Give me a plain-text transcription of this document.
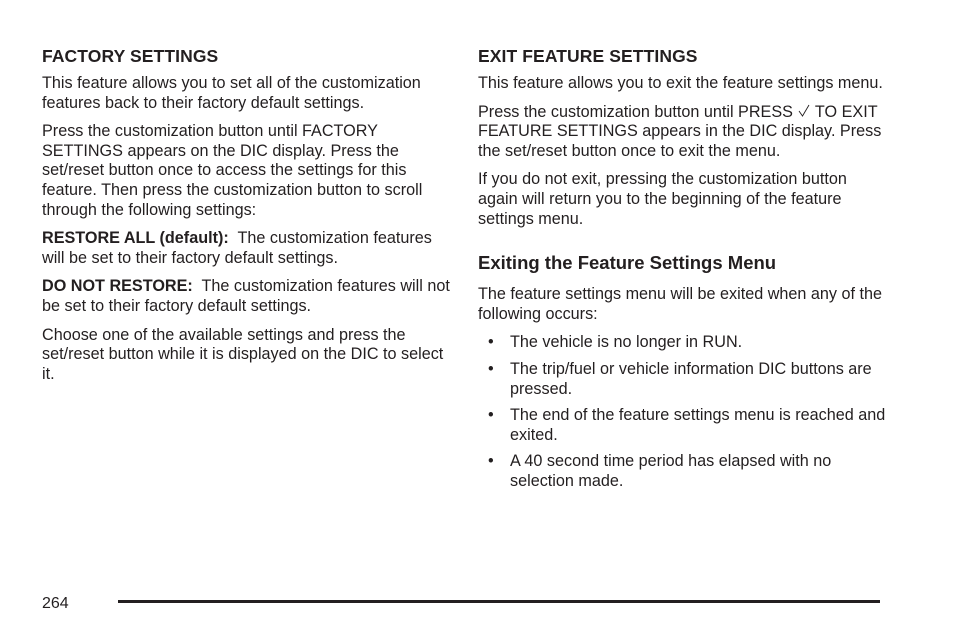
FACTORY SETTINGS

This feature allows you to set all of the customization features back to their factory default settings.

Press the customization button until FACTORY SETTINGS appears on the DIC display. Press the set/reset button once to access the settings for this feature. Then press the customization button to scroll through the following settings:

RESTORE ALL (default): The customization features will be set to their factory default settings.

DO NOT RESTORE: The customization features will not be set to their factory default settings.

Choose one of the available settings and press the set/reset button while it is displayed on the DIC to select it.

EXIT FEATURE SETTINGS

This feature allows you to exit the feature settings menu.

Press the customization button until PRESS TO EXIT FEATURE SETTINGS appears in the DIC display. Press the set/reset button once to exit the menu.

If you do not exit, pressing the customization button again will return you to the beginning of the feature settings menu.

Exiting the Feature Settings Menu

The feature settings menu will be exited when any of the following occurs:

• The vehicle is no longer in RUN.
• The trip/fuel or vehicle information DIC buttons are pressed.
• The end of the feature settings menu is reached and exited.
• A 40 second time period has elapsed with no selection made.
264
